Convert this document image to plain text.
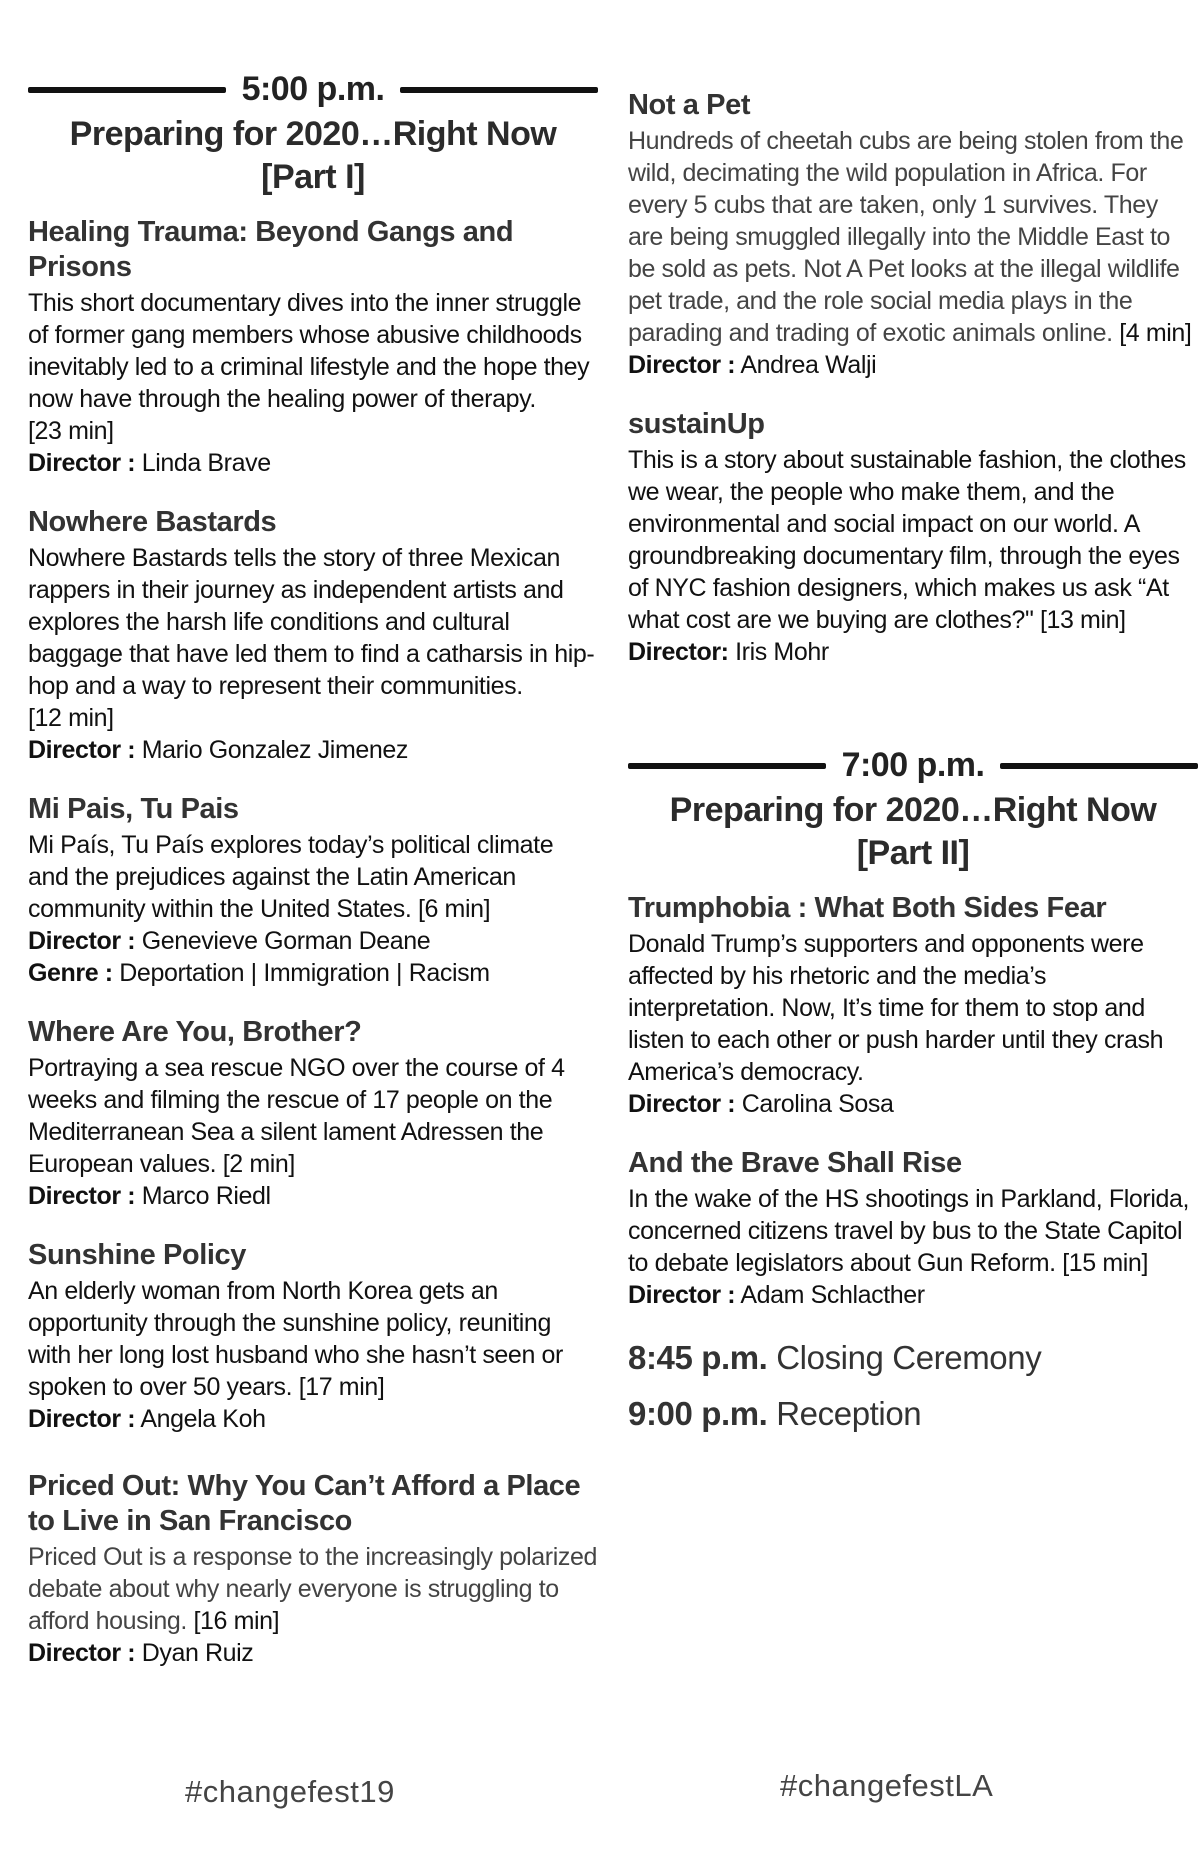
5:00 p.m.
Preparing for 2020…Right Now
[Part I]
Healing Trauma: Beyond Gangs and Prisons
This short documentary dives into the inner struggle of former gang members whose abusive childhoods inevitably led to a criminal lifestyle and the hope they now have through the healing power of therapy.
[23 min]
Director : Linda Brave
Nowhere Bastards
Nowhere Bastards tells the story of three Mexican rappers in their journey as independent artists and explores the harsh life conditions and cultural baggage that have led them to find a catharsis in hip-hop and a way to represent their communities.
[12 min]
Director : Mario Gonzalez Jimenez
Mi Pais, Tu Pais
Mi País, Tu País explores today’s political climate and the prejudices against the Latin American community within the United States. [6 min]
Director : Genevieve Gorman Deane
Genre : Deportation | Immigration | Racism
Where Are You, Brother?
Portraying a sea rescue NGO over the course of 4 weeks and filming the rescue of 17 people on the Mediterranean Sea a silent lament Adressen the European values. [2 min]
Director : Marco Riedl
Sunshine Policy
An elderly woman from North Korea gets an opportunity through the sunshine policy, reuniting with her long lost husband who she hasn’t seen or spoken to over 50 years. [17 min]
Director : Angela Koh
Priced Out: Why You Can’t Afford a Place to Live in San Francisco
Priced Out is a response to the increasingly polarized debate about why nearly everyone is struggling to afford housing. [16 min]
Director : Dyan Ruiz
Not a Pet
Hundreds of cheetah cubs are being stolen from the wild, decimating the wild population in Africa. For every 5 cubs that are taken, only 1 survives. They are being smuggled illegally into the Middle East to be sold as pets. Not A Pet looks at the illegal wildlife pet trade, and the role social media plays in the parading and trading of exotic animals online. [4 min]
Director : Andrea Walji
sustainUp
This is a story about sustainable fashion, the clothes we wear, the people who make them, and the environmental and social impact on our world. A groundbreaking documentary film, through the eyes of NYC fashion designers, which makes us ask “At what cost are we buying are clothes?" [13 min]
Director: Iris Mohr
7:00 p.m.
Preparing for 2020…Right Now
[Part II]
Trumphobia : What Both Sides Fear
Donald Trump’s supporters and opponents were affected by his rhetoric and the media’s interpretation. Now, It’s time for them to stop and listen to each other or push harder until they crash America’s democracy.
Director : Carolina Sosa
And the Brave Shall Rise
In the wake of the HS shootings in Parkland, Florida, concerned citizens travel by bus to the State Capitol to debate legislators about Gun Reform. [15 min]
Director : Adam Schlacther
8:45 p.m. Closing Ceremony
9:00 p.m. Reception
#changefest19	#changefestLA
